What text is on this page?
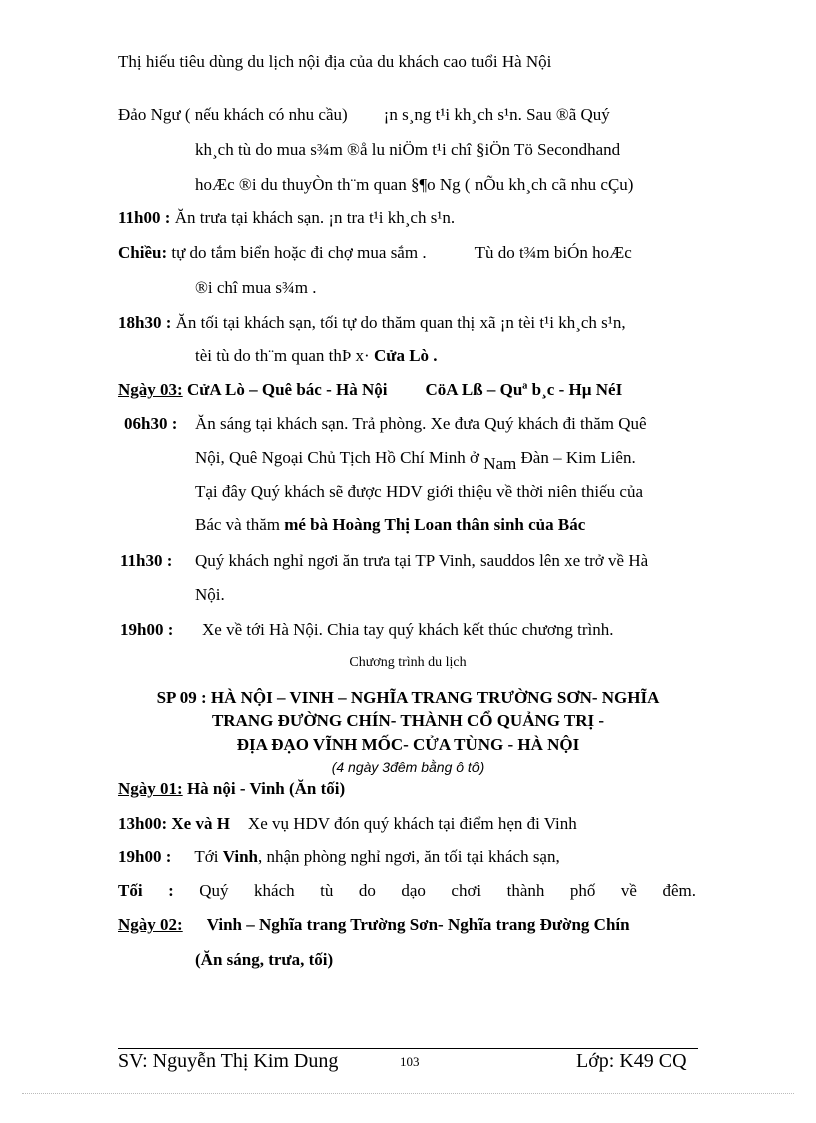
Thị hiếu tiêu dùng du lịch nội địa của du khách cao tuổi Hà Nội
Đảo Ngư ( nếu khách có nhu cầu) ¡n s¸ng t¹i kh¸ch s¹n. Sau ®ã Quý
kh¸ch tù do mua s¾m ®å lu niÖm t¹i chî §iÖn Tö Secondhand
hoÆc ®i du thuyÒn th¨m quan §¶o Ng ( nÕu kh¸ch cã nhu cÇu)
11h00 : Ăn trưa tại khách sạn. ¡n tra t¹i kh¸ch s¹n.
Chiều: tự do tắm biển hoặc đi chợ mua sắm .	Tù do t¾m biÓn hoÆc
®i chî mua s¾m .
18h30 : Ăn tối tại khách sạn, tối tự do thăm quan thị xã ¡n tèi t¹i kh¸ch s¹n,
tèi tù do th¨m quan thÞ x· Cửa Lò .
Ngày 03: CửA Lò – Quê bác - Hà Nội CöA Lß – Quª b¸c - Hµ NéI
06h30 : Ăn sáng tại khách sạn. Trả phòng. Xe đưa Quý khách đi thăm Quê
Nội, Quê Ngoại Chủ Tịch Hồ Chí Minh ở Nam Đàn – Kim Liên.
Tại đây Quý khách sẽ được HDV giới thiệu về thời niên thiếu của
Bác và thăm mé bà Hoàng Thị Loan thân sinh của Bác
11h30 : Quý khách nghỉ ngơi ăn trưa tại TP Vinh, sauddos lên xe trở về Hà
Nội.
19h00 : Xe về tới Hà Nội. Chia tay quý khách kết thúc chương trình.
Chương trình du lịch
SP 09 : HÀ NỘI – VINH – NGHĨA TRANG TRƯỜNG SƠN- NGHĨA
TRANG ĐƯỜNG CHÍN- THÀNH CỔ QUẢNG TRỊ -
ĐỊA ĐẠO VĨNH MỐC- CỬA TÙNG - HÀ NỘI
(4 ngày 3đêm bằng ô tô)
Ngày 01: Hà nội - Vinh (Ăn tối)
13h00: Xe và H Xe vụ HDV đón quý khách tại điểm hẹn đi Vinh
19h00 : Tới Vinh, nhận phòng nghỉ ngơi, ăn tối tại khách sạn,
Tối : Quý khách tù do dạo chơi thành phố về đêm.
Ngày 02: Vinh – Nghĩa trang Trường Sơn- Nghĩa trang Đường Chín
(Ăn sáng, trưa, tối)
SV: Nguyễn Thị Kim Dung	103	Lớp: K49 CQ
